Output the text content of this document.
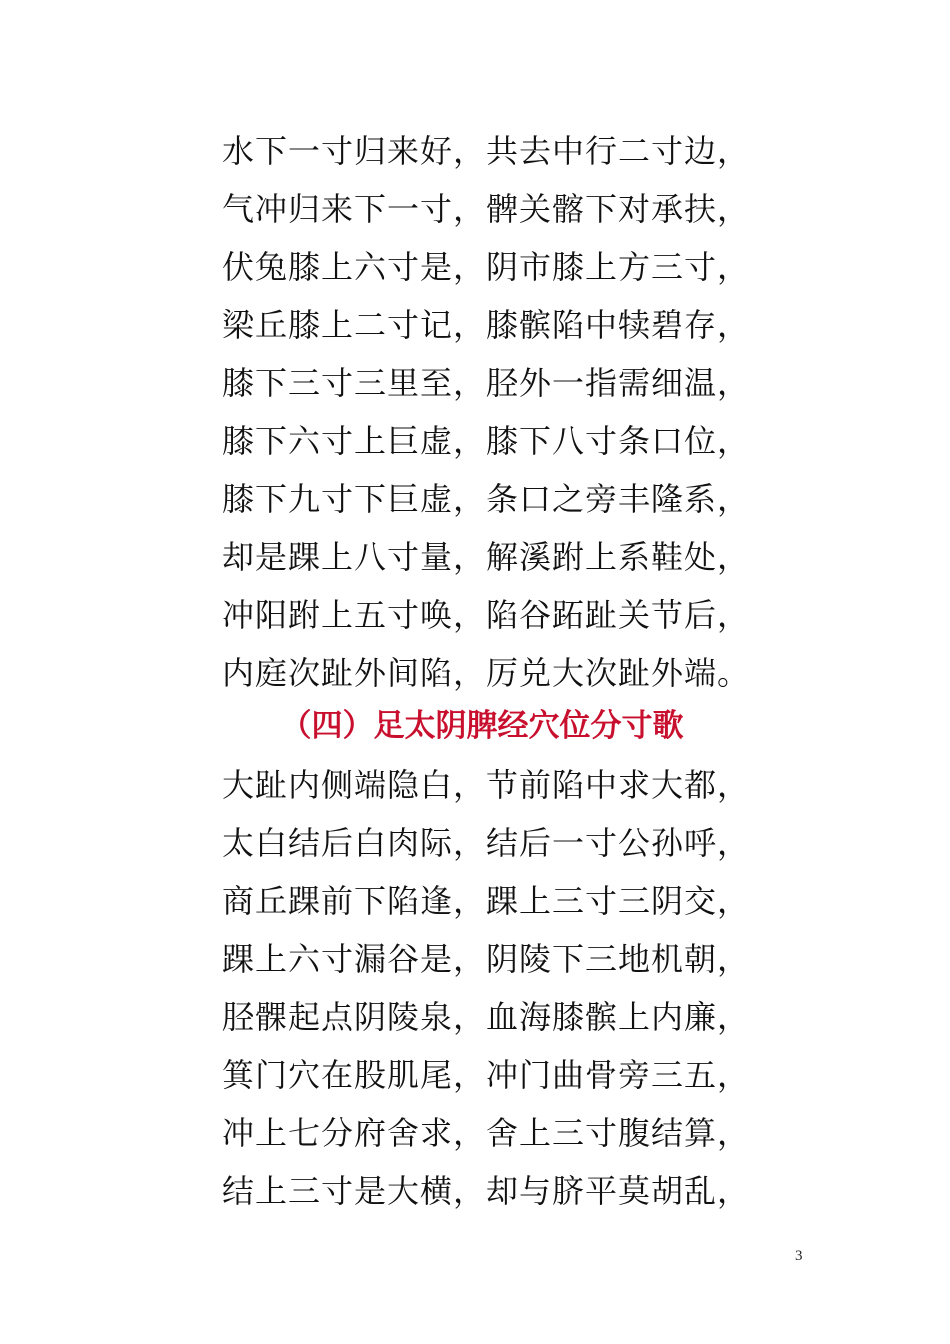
水下一寸归来好，共去中行二寸边，
气冲归来下一寸，髀关髂下对承扶，
伏兔膝上六寸是，阴市膝上方三寸，
梁丘膝上二寸记，膝髌陷中犊碧存，
膝下三寸三里至，胫外一指需细温，
膝下六寸上巨虚，膝下八寸条口位，
膝下九寸下巨虚，条口之旁丰隆系，
却是踝上八寸量，解溪跗上系鞋处，
冲阳跗上五寸唤，陷谷跖趾关节后，
内庭次趾外间陷，厉兑大次趾外端。
（四）足太阴脾经穴位分寸歌
大趾内侧端隐白，节前陷中求大都，
太白结后白肉际，结后一寸公孙呼，
商丘踝前下陷逢，踝上三寸三阴交，
踝上六寸漏谷是，阴陵下三地机朝，
胫髁起点阴陵泉，血海膝髌上内廉，
箕门穴在股肌尾，冲门曲骨旁三五，
冲上七分府舍求，舍上三寸腹结算，
结上三寸是大横，却与脐平莫胡乱，
3
